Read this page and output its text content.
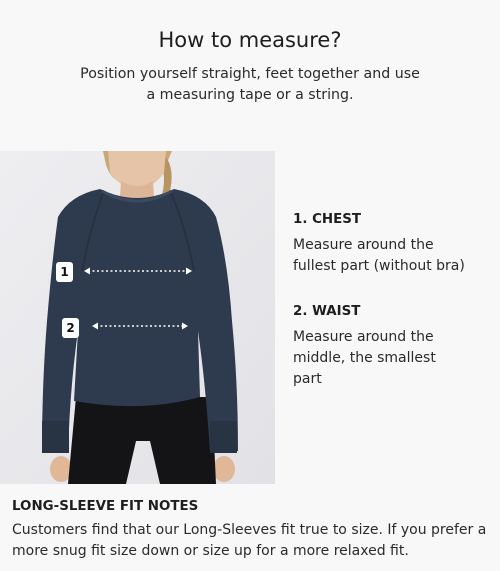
How to measure?
Position yourself straight, feet together and use
a measuring tape or a string.
1
2
1. CHEST
Measure around the
fullest part (without bra)
2. WAIST
Measure around the
middle, the smallest
part
LONG-SLEEVE FIT NOTES
Customers find that our Long-Sleeves fit true to size. If you prefer a
more snug fit size down or size up for a more relaxed fit.
